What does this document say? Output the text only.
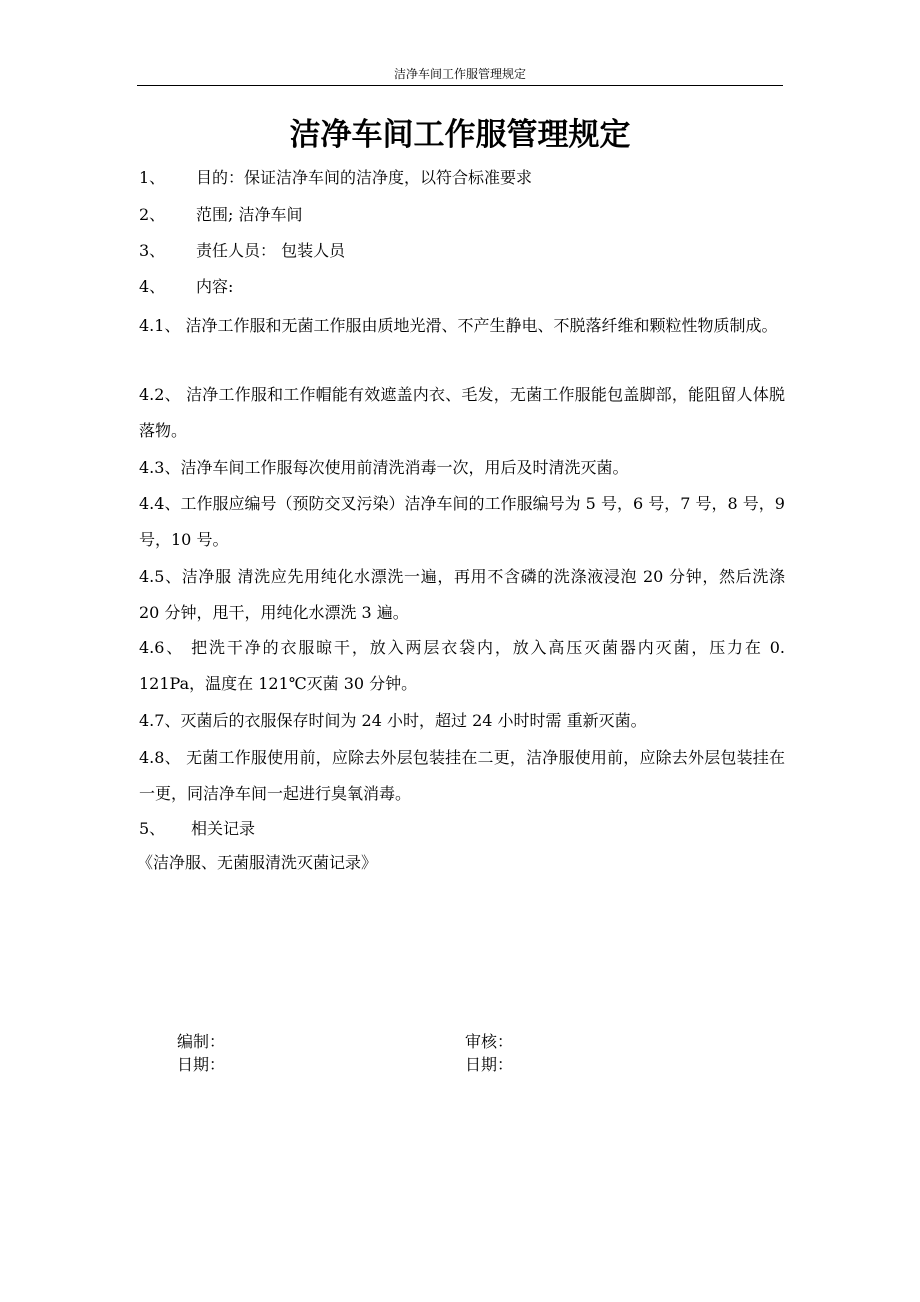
洁净车间工作服管理规定
洁净车间工作服管理规定
1、 目的：保证洁净车间的洁净度，以符合标准要求
2、 范围; 洁净车间
3、 责任人员： 包装人员
4、 内容:
4.1、 洁净工作服和无菌工作服由质地光滑、不产生静电、不脱落纤维和颗粒性物质制成。
4.2、 洁净工作服和工作帽能有效遮盖内衣、毛发，无菌工作服能包盖脚部，能阻留人体脱落物。
4.3、洁净车间工作服每次使用前清洗消毒一次，用后及时清洗灭菌。
4.4、工作服应编号（预防交叉污染）洁净车间的工作服编号为 5 号，6 号，7 号，8 号，9 号，10 号。
4.5、洁净服 清洗应先用纯化水漂洗一遍，再用不含磷的洗涤液浸泡 20 分钟，然后洗涤 20 分钟，甩干，用纯化水漂洗 3 遍。
4.6、 把洗干净的衣服晾干，放入两层衣袋内，放入高压灭菌器内灭菌，压力在 0. 121Pa，温度在 121℃灭菌 30 分钟。
4.7、灭菌后的衣服保存时间为 24 小时，超过 24 小时时需 重新灭菌。
4.8、 无菌工作服使用前，应除去外层包装挂在二更，洁净服使用前，应除去外层包装挂在一更，同洁净车间一起进行臭氧消毒。
5、 相关记录
《洁净服、无菌服清洗灭菌记录》
编制：
日期：
审核：
日期：
